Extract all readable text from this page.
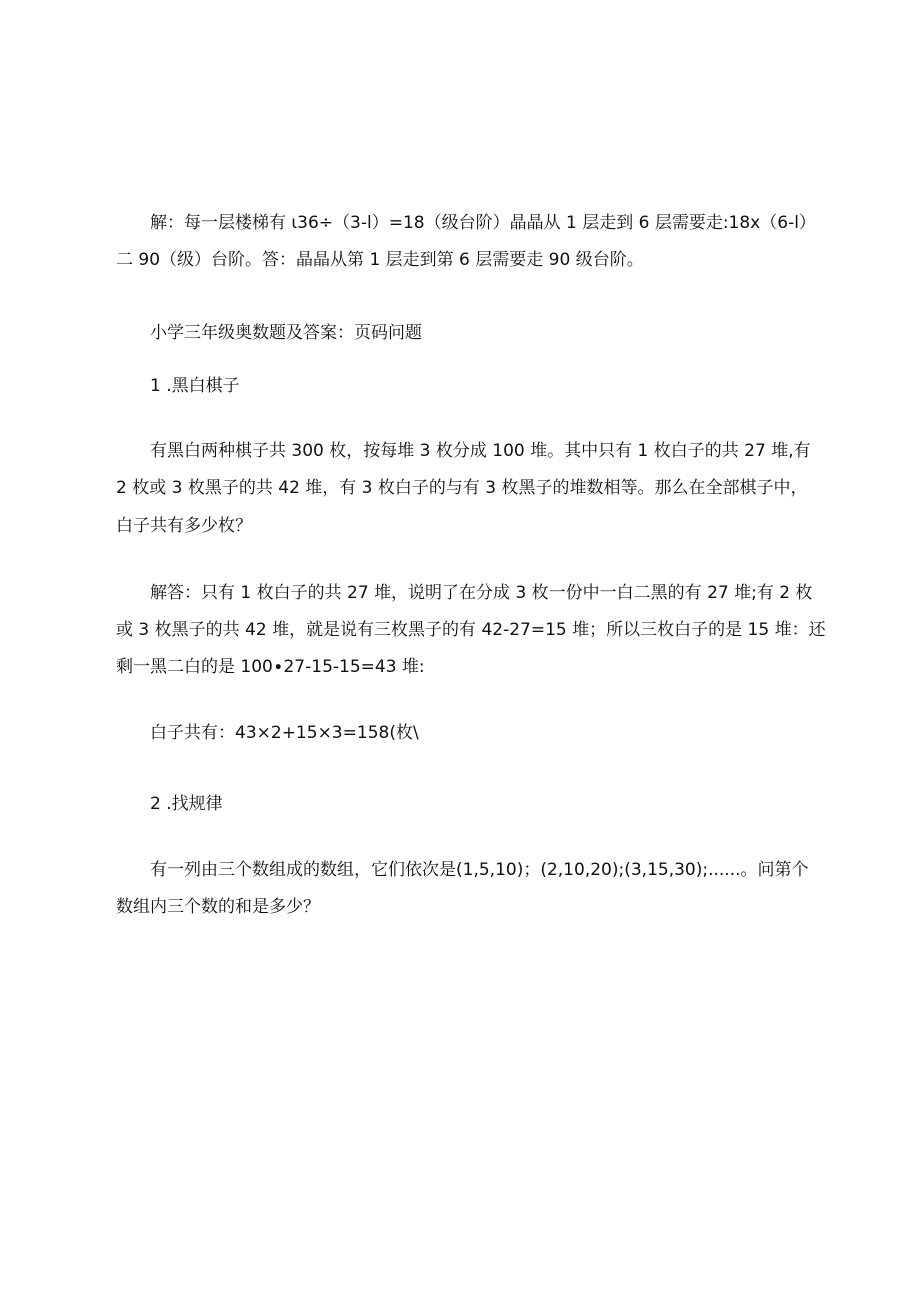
解：每一层楼梯有 ι36÷（3-l）=18（级台阶）晶晶从 1 层走到 6 层需要走:18x（6-l）
二 90（级）台阶。答：晶晶从第 1 层走到第 6 层需要走 90 级台阶。
小学三年级奥数题及答案：页码问题
1 .黑白棋子
有黑白两种棋子共 300 枚，按每堆 3 枚分成 100 堆。其中只有 1 枚白子的共 27 堆,有
2 枚或 3 枚黑子的共 42 堆，有 3 枚白子的与有 3 枚黑子的堆数相等。那么在全部棋子中，
白子共有多少枚？
解答：只有 1 枚白子的共 27 堆，说明了在分成 3 枚一份中一白二黑的有 27 堆;有 2 枚
或 3 枚黑子的共 42 堆，就是说有三枚黑子的有 42-27=15 堆；所以三枚白子的是 15 堆：还
剩一黑二白的是 100∙27-15-15=43 堆:
白子共有：43×2+15×3=158(枚\
2 .找规律
有一列由三个数组成的数组，它们依次是(1,5,10)；(2,10,20);(3,15,30);......。问第个
数组内三个数的和是多少？
